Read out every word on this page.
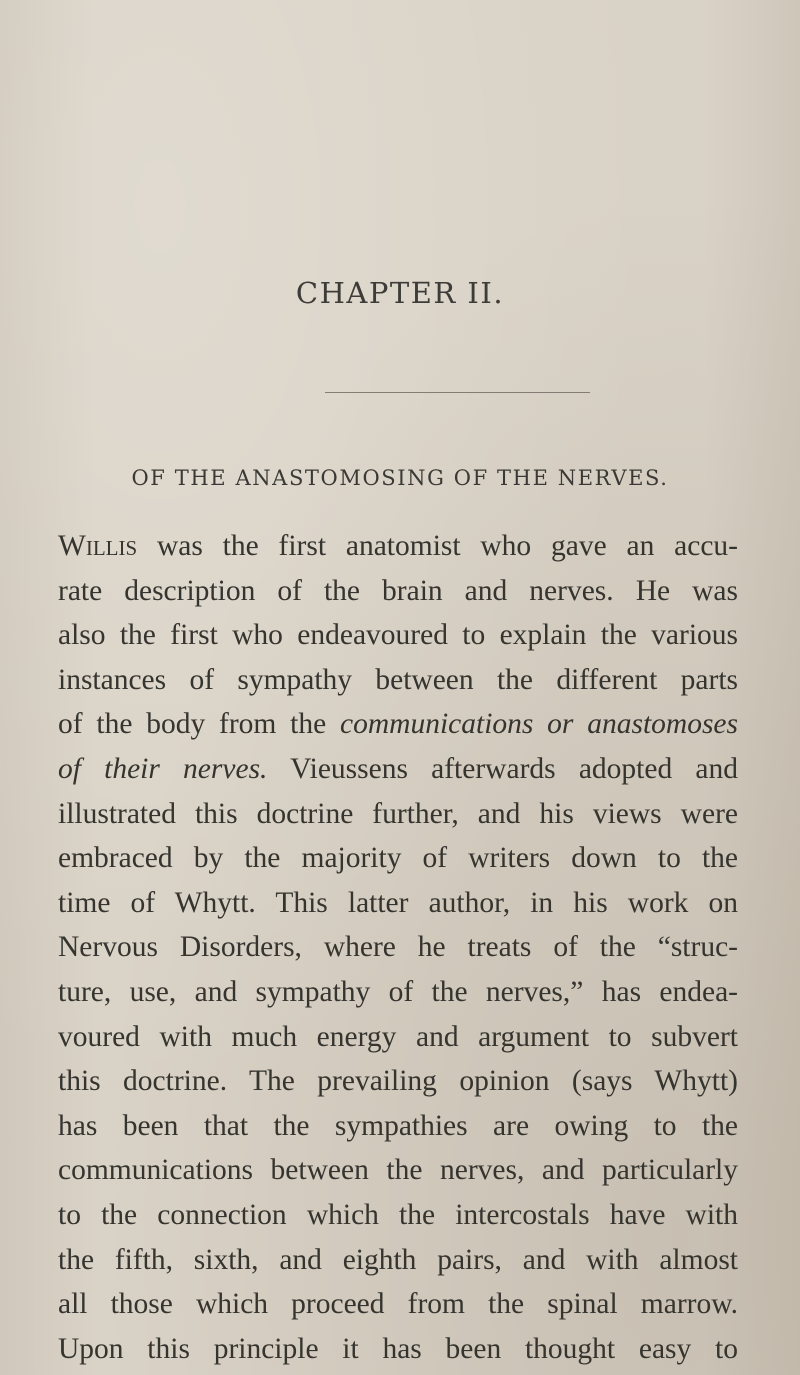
CHAPTER II.
OF THE ANASTOMOSING OF THE NERVES.
Willis was the first anatomist who gave an accu-
rate description of the brain and nerves. He was
also the first who endeavoured to explain the various
instances of sympathy between the different parts
of the body from the communications or anastomoses
of their nerves. Vieussens afterwards adopted and
illustrated this doctrine further, and his views were
embraced by the majority of writers down to the
time of Whytt. This latter author, in his work on
Nervous Disorders, where he treats of the “struc-
ture, use, and sympathy of the nerves,” has endea-
voured with much energy and argument to subvert
this doctrine. The prevailing opinion (says Whytt)
has been that the sympathies are owing to the
communications between the nerves, and particularly
to the connection which the intercostals have with
the fifth, sixth, and eighth pairs, and with almost
all those which proceed from the spinal marrow.
Upon this principle it has been thought easy to
